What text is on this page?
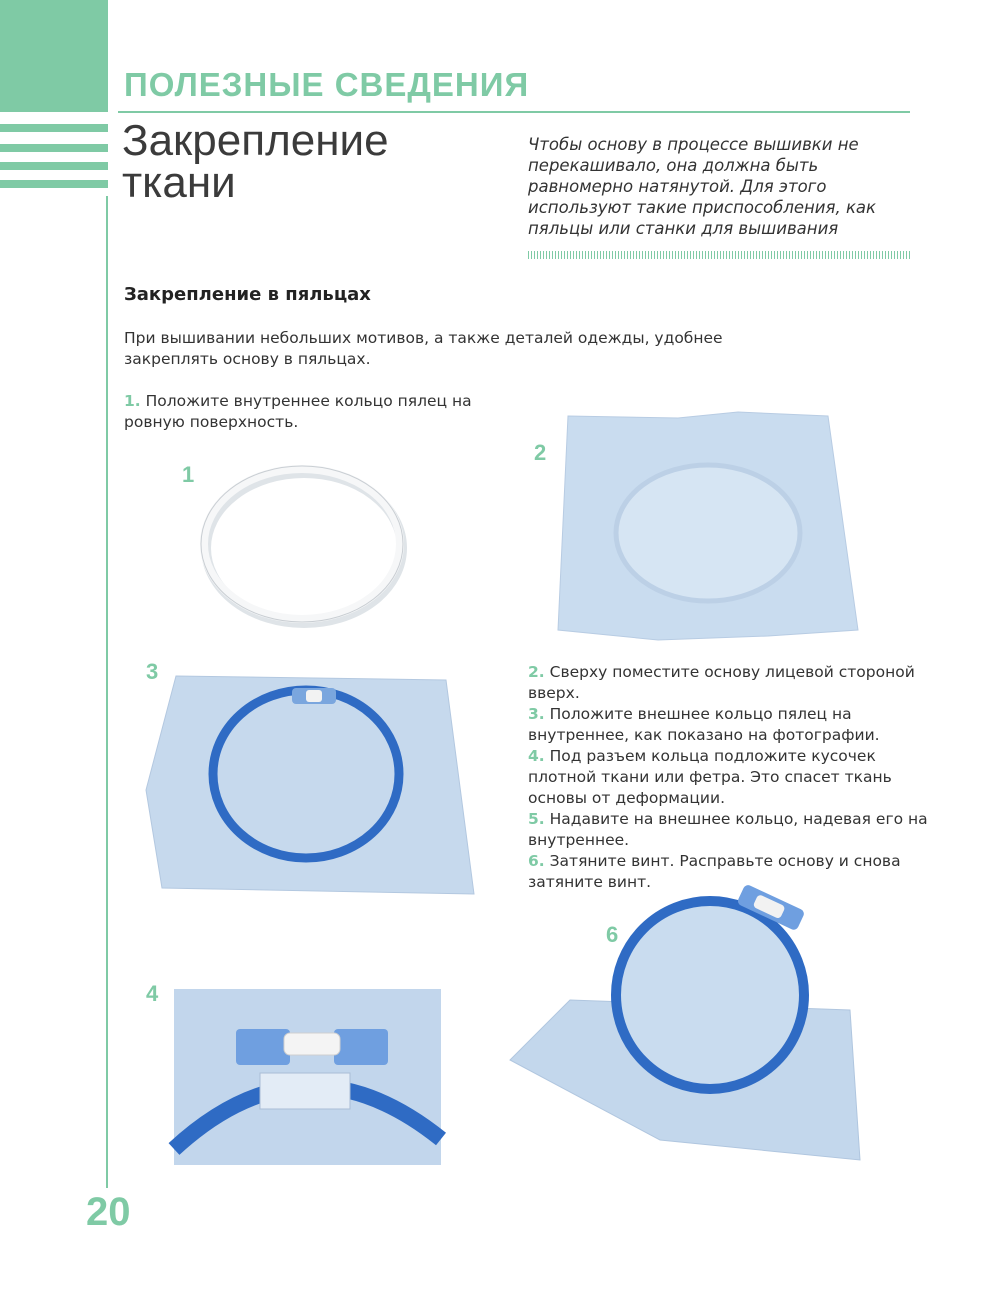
ПОЛЕЗНЫЕ СВЕДЕНИЯ
Закрепление
ткани
Чтобы основу в процессе вышивки не перекашивало, она должна быть равномерно натянутой. Для этого используют такие приспособления, как пяльцы или станки для вышивания
Закрепление в пяльцах
При вышивании небольших мотивов, а также деталей одежды, удобнее закреплять основу в пяльцах.
1. Положите внутреннее кольцо пялец на ровную поверхность.
2. Сверху поместите основу лицевой стороной вверх.
3. Положите внешнее кольцо пялец на внутреннее, как показано на фотографии.
4. Под разъем кольца подложите кусочек плотной ткани или фетра. Это спасет ткань основы от деформации.
5. Надавите на внешнее кольцо, надевая его на внутреннее.
6. Затяните винт. Расправьте основу и снова затяните винт.
1
2
3
4
6
20
